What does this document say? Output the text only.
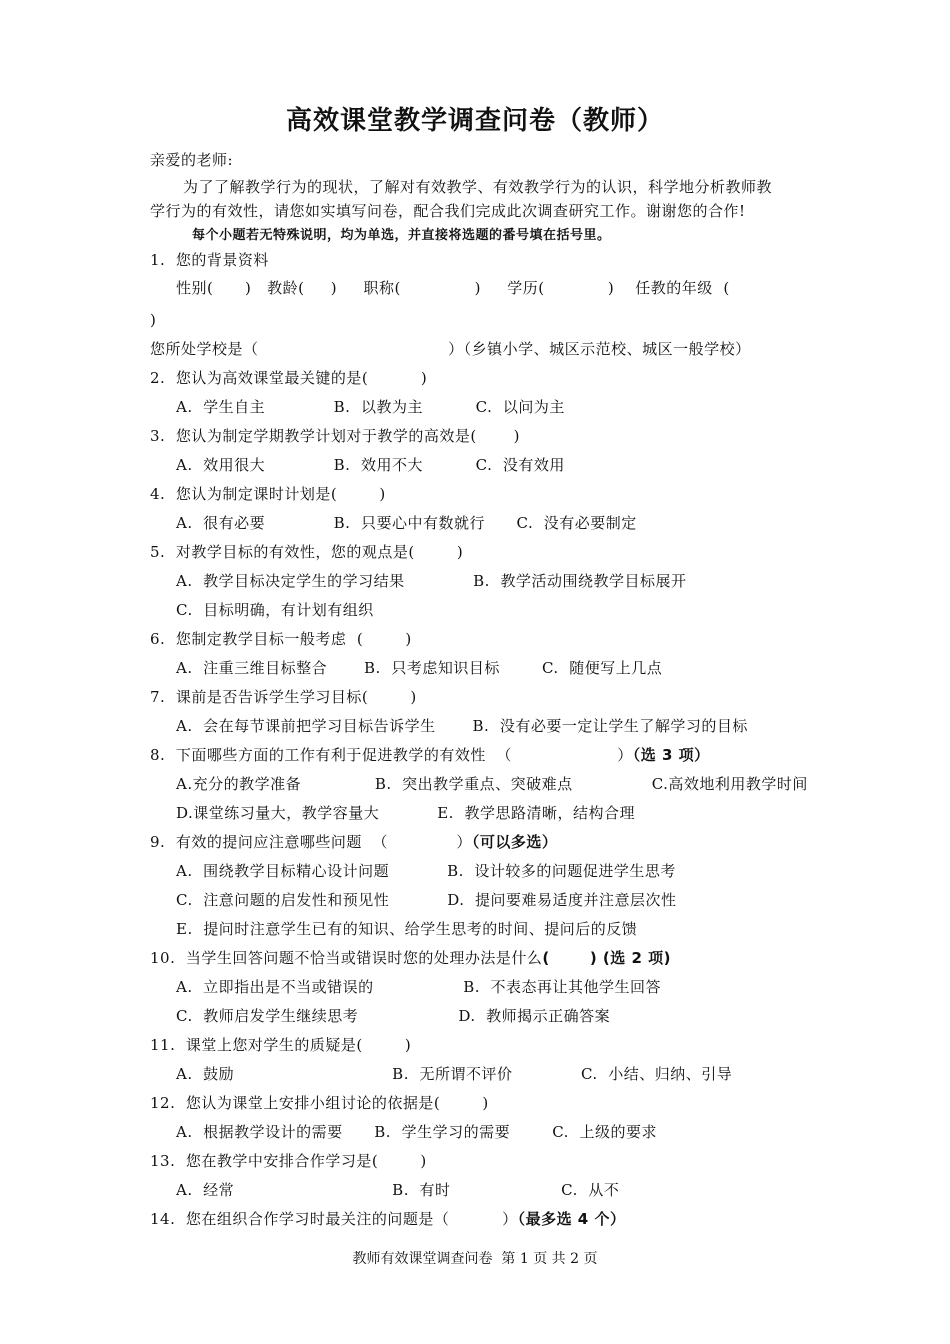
高效课堂教学调查问卷（教师）
亲爱的老师:
为了了解教学行为的现状，了解对有效教学、有效教学行为的认识，科学地分析教师教
学行为的有效性，请您如实填写问卷，配合我们完成此次调查研究工作。谢谢您的合作!
每个小题若无特殊说明，均为单选，并直接将选题的番号填在括号里。
1.  您的背景资料
性别(      )   教龄(     )     职称(              )     学历(            )    任教的年级  (
)
您所处学校是（                                    ）（乡镇小学、城区示范校、城区一般学校）
2.  您认为高效课堂最关键的是(          )
A.  学生自主             B.  以教为主          C.  以问为主
3.  您认为制定学期教学计划对于教学的高效是(       )
A.  效用很大             B.  效用不大          C.  没有效用
4.  您认为制定课时计划是(        )
A.  很有必要             B.  只要心中有数就行      C.  没有必要制定
5.  对教学目标的有效性，您的观点是(        )
A.  教学目标决定学生的学习结果             B.  教学活动围绕教学目标展开
C.  目标明确，有计划有组织
6.  您制定教学目标一般考虑  (        )
A.  注重三维目标整合       B.  只考虑知识目标        C.  随便写上几点
7.  课前是否告诉学生学习目标(        )
A.  会在每节课前把学习目标告诉学生       B.  没有必要一定让学生了解学习的目标
8.  下面哪些方面的工作有利于促进教学的有效性  （                    ）（选 3 项）
A.充分的教学准备              B.  突出教学重点、突破难点               C.高效地利用教学时间
D.课堂练习量大，教学容量大           E.  教学思路清晰，结构合理
9.  有效的提问应注意哪些问题  （             ）（可以多选）
A.  围绕教学目标精心设计问题           B.  设计较多的问题促进学生思考
C.  注意问题的启发性和预见性           D.  提问要难易适度并注意层次性
E.  提问时注意学生已有的知识、给学生思考的时间、提问后的反馈
10.  当学生回答问题不恰当或错误时您的处理办法是什么(       ) (选 2 项)
A.  立即指出是不当或错误的                 B.  不表态再让其他学生回答
C.  教师启发学生继续思考                   D.  教师揭示正确答案
11.  课堂上您对学生的质疑是(        )
A.  鼓励                              B.  无所谓不评价             C.  小结、归纳、引导
12.  您认为课堂上安排小组讨论的依据是(        )
A.  根据教学设计的需要      B.  学生学习的需要        C.  上级的要求
13.  您在教学中安排合作学习是(        )
A.  经常                              B.  有时                     C.  从不
14.  您在组织合作学习时最关注的问题是（          ）（最多选 4 个）
教师有效课堂调查问卷  第 1 页 共 2 页
